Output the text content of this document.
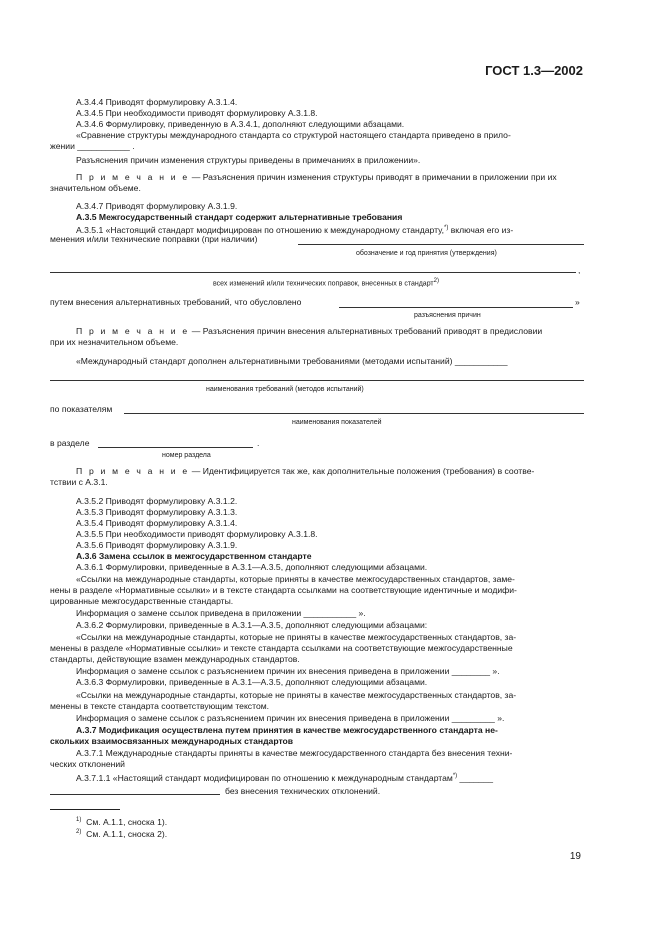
ГОСТ 1.3—2002
А.3.4.4 Приводят формулировку А.3.1.4.
А.3.4.5 При необходимости приводят формулировку А.3.1.8.
А.3.4.6 Формулировку, приведенную в А.3.4.1, дополняют следующими абзацами.
«Сравнение структуры международного стандарта со структурой настоящего стандарта приведено в прило-
жении ___________ .
Разъяснения причин изменения структуры приведены в примечаниях в приложении».
П р и м е ч а н и е — Разъяснения причин изменения структуры приводят в примечании в приложении при их
значительном объеме.
А.3.4.7 Приводят формулировку А.3.1.9.
А.3.5 Межгосударственный стандарт содержит альтернативные требования
А.3.5.1 «Настоящий стандарт модифицирован по отношению к международному стандарту,*) включая его из-
менения и/или технические поправки (при наличии)
обозначение и год принятия (утверждения)
,
всех изменений и/или технических поправок, внесенных в стандарт$^{2)}$
путем внесения альтернативных требований, что обусловлено	»
разъяснения причин
П р и м е ч а н и е — Разъяснения причин внесения альтернативных требований приводят в предисловии
при их незначительном объеме.
«Международный стандарт дополнен альтернативными требованиями (методами испытаний) ___________
наименования требований (методов испытаний)
по показателям
наименования показателей
в разделе	.
номер раздела
П р и м е ч а н и е — Идентифицируется так же, как дополнительные положения (требования) в соотве-
тствии с А.3.1.
А.3.5.2 Приводят формулировку А.3.1.2.
А.3.5.3 Приводят формулировку А.3.1.3.
А.3.5.4 Приводят формулировку А.3.1.4.
А.3.5.5 При необходимости приводят формулировку А.3.1.8.
А.3.5.6 Приводят формулировку А.3.1.9.
А.3.6 Замена ссылок в межгосударственном стандарте
А.3.6.1 Формулировки, приведенные в А.3.1—А.3.5, дополняют следующими абзацами.
«Ссылки на международные стандарты, которые приняты в качестве межгосударственных стандартов, заме-
нены в разделе «Нормативные ссылки» и в тексте стандарта ссылками на соответствующие идентичные и модифи-
цированные межгосударственные стандарты.
Информация о замене ссылок приведена в приложении ___________ ».
А.3.6.2 Формулировки, приведенные в А.3.1—А.3.5, дополняют следующими абзацами:
«Ссылки на международные стандарты, которые не приняты в качестве межгосударственных стандартов, за-
менены в разделе «Нормативные ссылки» и тексте стандарта ссылками на соответствующие межгосударственные
стандарты, действующие взамен международных стандартов.
Информация о замене ссылок с разъяснением причин их внесения приведена в приложении ________ ».
А.3.6.3 Формулировки, приведенные в А.3.1—А.3.5, дополняют следующими абзацами.
«Ссылки на международные стандарты, которые не приняты в качестве межгосударственных стандартов, за-
менены в тексте стандарта соответствующим текстом.
Информация о замене ссылок с разъяснением причин их внесения приведена в приложении _________ ».
А.3.7 Модификация осуществлена путем принятия в качестве межгосударственного стандарта не-
скольких взаимосвязанных международных стандартов
А.3.7.1 Международные стандарты приняты в качестве межгосударственного стандарта без внесения техни-
ческих отклонений
А.3.7.1.1 «Настоящий стандарт модифицирован по отношению к международным стандартам*) _______
без внесения технических отклонений.
$^{1)}$ См. А.1.1, сноска 1).
$^{2)}$ См. А.1.1, сноска 2).
19
